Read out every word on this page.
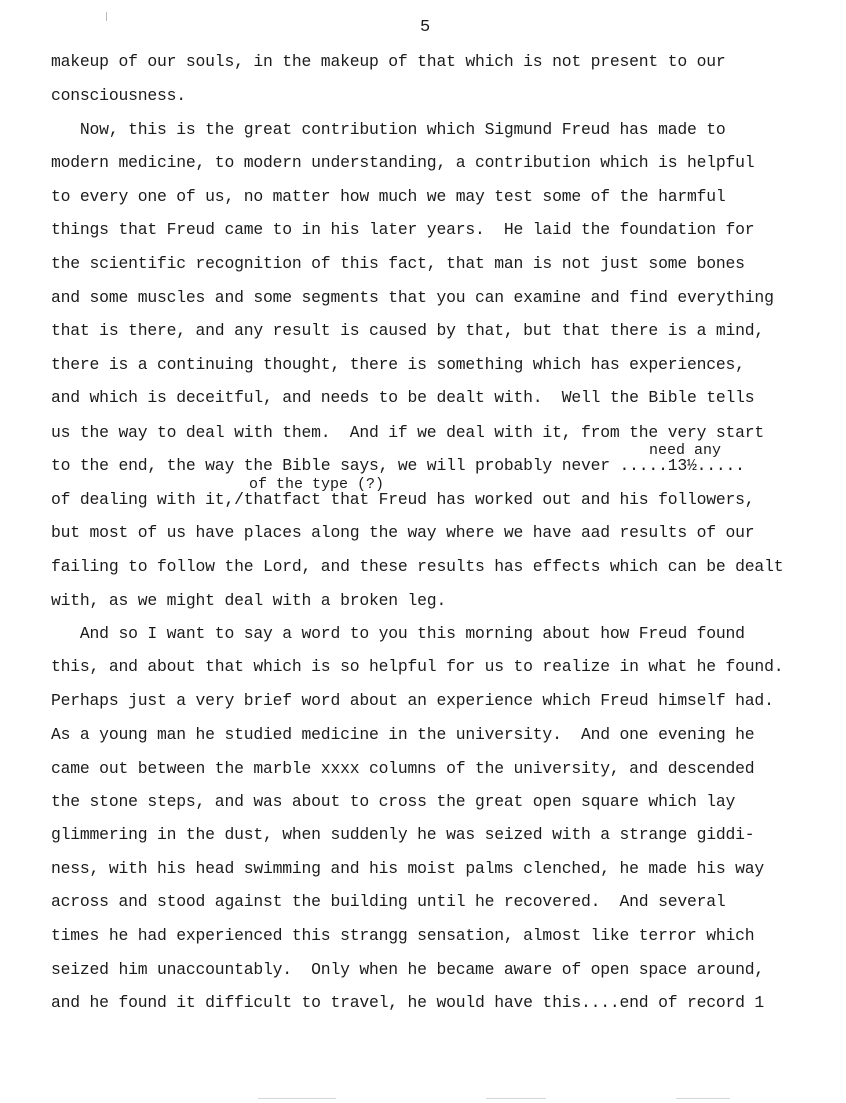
5
makeup of our souls, in the makeup of that which is not present to our
consciousness.
Now, this is the great contribution which Sigmund Freud has made to
modern medicine, to modern understanding, a contribution which is helpful
to every one of us, no matter how much we may test some of the harmful
things that Freud came to in his later years.  He laid the foundation for
the scientific recognition of this fact, that man is not just some bones
and some muscles and some segments that you can examine and find everything
that is there, and any result is caused by that, but that there is a mind,
there is a continuing thought, there is something which has experiences,
and which is deceitful, and needs to be dealt with.  Well the Bible tells
us the way to deal with them.  And if we deal with it, from the very start
need any
to the end, the way the Bible says, we will probably never .....13½.....
of the type (?)
of dealing with it,/thatfact that Freud has worked out and his followers,
but most of us have places along the way where we have aad results of our
failing to follow the Lord, and these results has effects which can be dealt
with, as we might deal with a broken leg.
And so I want to say a word to you this morning about how Freud found
this, and about that which is so helpful for us to realize in what he found.
Perhaps just a very brief word about an experience which Freud himself had.
As a young man he studied medicine in the university.  And one evening he
came out between the marble xxxx columns of the university, and descended
the stone steps, and was about to cross the great open square which lay
glimmering in the dust, when suddenly he was seized with a strange giddi-
ness, with his head swimming and his moist palms clenched, he made his way
across and stood against the building until he recovered.  And several
times he had experienced this strangg sensation, almost like terror which
seized him unaccountably.  Only when he became aware of open space around,
and he found it difficult to travel, he would have this....end of record 1
